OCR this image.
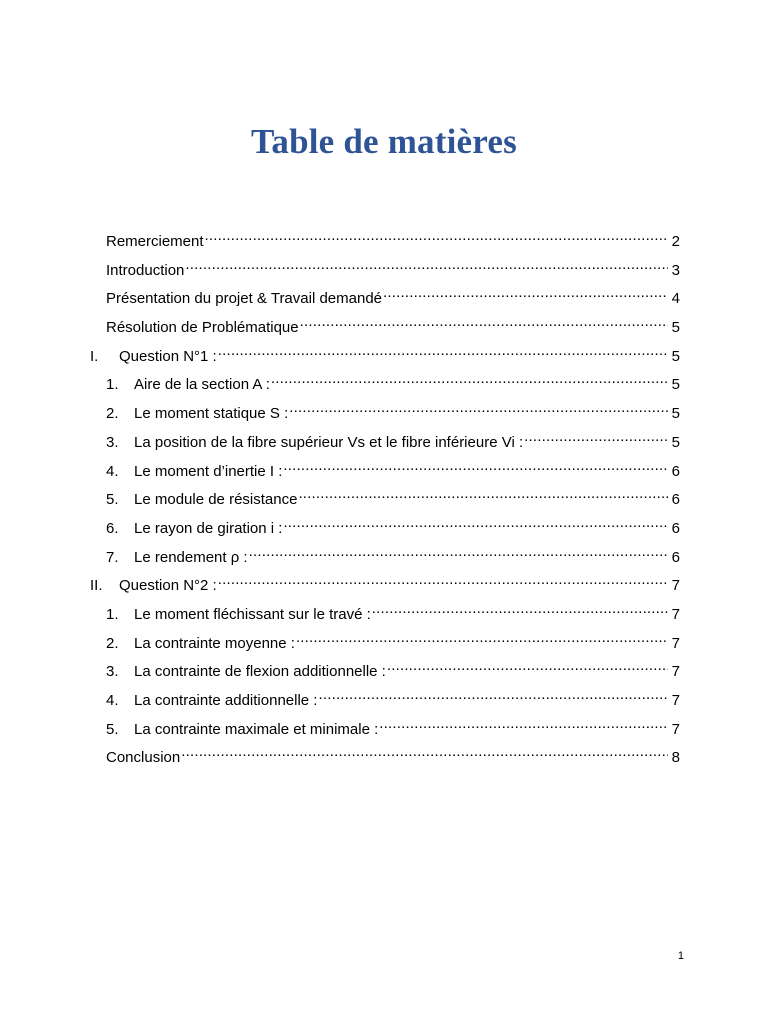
Table de matières
Remerciement .....	2
Introduction .....	3
Présentation du projet & Travail demandé .....	4
Résolution de Problématique .....	5
I.	Question N°1 : .....	5
1.	Aire de la section A : .....	5
2.	Le moment statique S : .....	5
3.	La position de la fibre supérieur Vs et le fibre inférieure Vi : .....	5
4.	Le moment d’inertie I : .....	6
5.	Le module de résistance .....	6
6.	Le rayon de giration i : .....	6
7.	Le rendement ρ : .....	6
II.	Question N°2 : .....	7
1.	Le moment fléchissant sur le travé : .....	7
2.	La contrainte moyenne : .....	7
3.	La contrainte de flexion additionnelle : .....	7
4.	La contrainte additionnelle : .....	7
5.	La contrainte maximale et minimale : .....	7
Conclusion .....	8
1
